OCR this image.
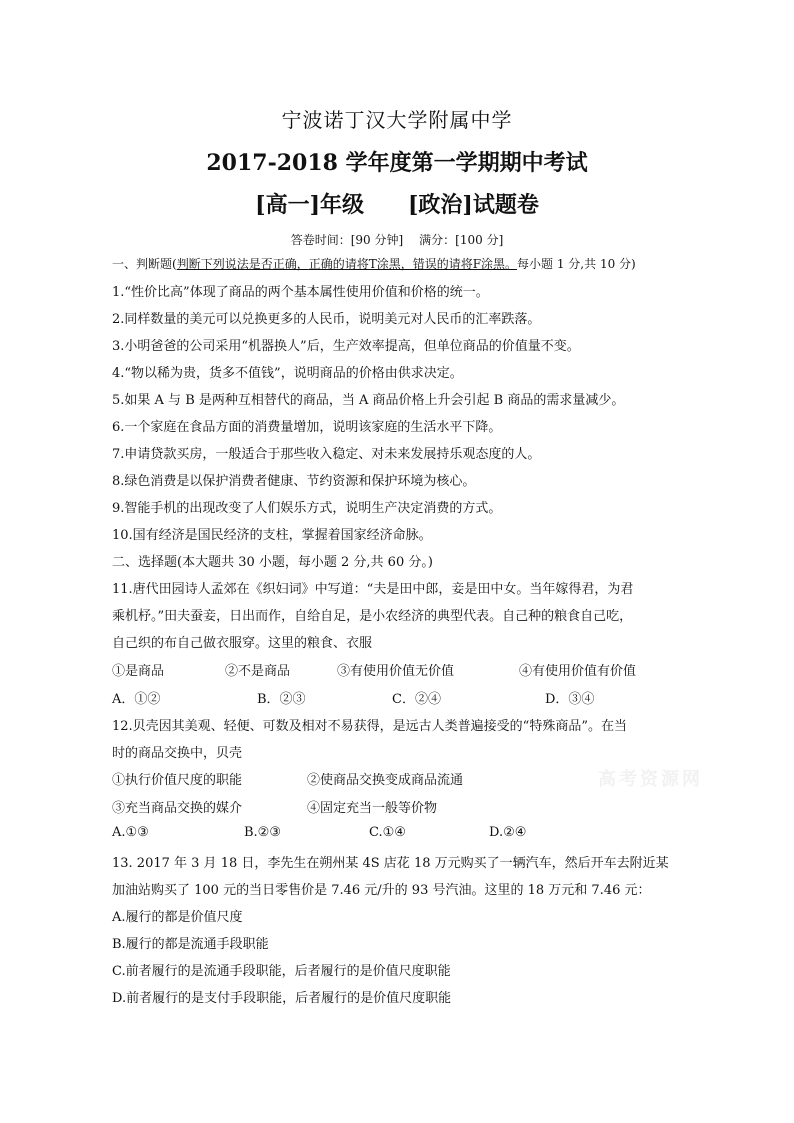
宁波诺丁汉大学附属中学
2017-2018 学年度第一学期期中考试
[高一]年级 [政治]试题卷
答卷时间：[90 分钟] 满分：[100 分]
一、判断题(判断下列说法是否正确，正确的请将T涂黑，错误的请将F涂黑。每小题 1 分,共 10 分)
1.“性价比高”体现了商品的两个基本属性使用价值和价格的统一。
2.同样数量的美元可以兑换更多的人民币，说明美元对人民币的汇率跌落。
3.小明爸爸的公司采用“机器换人”后，生产效率提高，但单位商品的价值量不变。
4.“物以稀为贵，货多不值钱”，说明商品的价格由供求决定。
5.如果 A 与 B 是两种互相替代的商品，当 A 商品价格上升会引起 B 商品的需求量减少。
6.一个家庭在食品方面的消费量增加，说明该家庭的生活水平下降。
7.申请贷款买房，一般适合于那些收入稳定、对未来发展持乐观态度的人。
8.绿色消费是以保护消费者健康、节约资源和保护环境为核心。
9.智能手机的出现改变了人们娱乐方式，说明生产决定消费的方式。
10.国有经济是国民经济的支柱，掌握着国家经济命脉。
二、选择题(本大题共 30 小题，每小题 2 分,共 60 分。)
11.唐代田园诗人孟郊在《织妇词》中写道：“夫是田中郎，妾是田中女。当年嫁得君，为君
乘机杼。”田夫蚕妾，日出而作，自给自足，是小农经济的典型代表。自己种的粮食自己吃，
自己织的布自己做衣服穿。这里的粮食、衣服
①是商品	②不是商品	③有使用价值无价值	④有使用价值有价值
A．①②	B．②③	C．②④	D．③④
12.贝壳因其美观、轻便、可数及相对不易获得，是远古人类普遍接受的“特殊商品”。在当
时的商品交换中，贝壳
①执行价值尺度的职能	②使商品交换变成商品流通
③充当商品交换的媒介	④固定充当一般等价物
A.①③	B.②③	C.①④	D.②④
13. 2017 年 3 月 18 日，李先生在朔州某 4S 店花 18 万元购买了一辆汽车，然后开车去附近某
加油站购买了 100 元的当日零售价是 7.46 元/升的 93 号汽油。这里的 18 万元和 7.46 元：
A.履行的都是价值尺度
B.履行的都是流通手段职能
C.前者履行的是流通手段职能，后者履行的是价值尺度职能
D.前者履行的是支付手段职能，后者履行的是价值尺度职能
高考资源网
